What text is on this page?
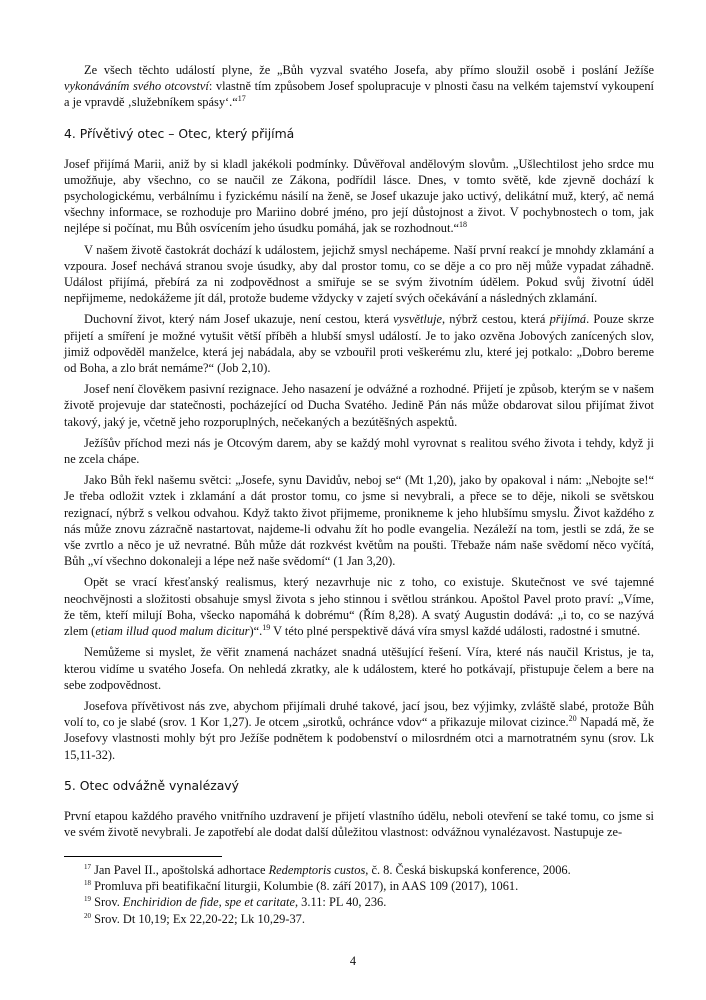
Ze všech těchto událostí plyne, že „Bůh vyzval svatého Josefa, aby přímo sloužil osobě i poslání Ježíše vykonáváním svého otcovství: vlastně tím způsobem Josef spolupracuje v plnosti času na velkém tajemství vykoupení a je vpravdě ‚služebníkem spásy‘.“$^{17}$

4. Přívětivý otec – Otec, který přijímá

Josef přijímá Marii, aniž by si kladl jakékoli podmínky. Důvěřoval andělovým slovům. „Ušlechtilost jeho srdce mu umožňuje, aby všechno, co se naučil ze Zákona, podřídil lásce. Dnes, v tomto světě, kde zjevně dochází k psychologickému, verbálnímu i fyzickému násilí na ženě, se Josef ukazuje jako uctivý, delikátní muž, který, ač nemá všechny informace, se rozhoduje pro Mariino dobré jméno, pro její důstojnost a život. V pochybnostech o tom, jak nejlépe si počínat, mu Bůh osvícením jeho úsudku pomáhá, jak se rozhodnout.“$^{18}$

V našem životě častokrát dochází k událostem, jejichž smysl nechápeme. Naší první reakcí je mnohdy zklamání a vzpoura. Josef nechává stranou svoje úsudky, aby dal prostor tomu, co se děje a co pro něj může vypadat záhadně. Událost přijímá, přebírá za ni zodpovědnost a smiřuje se se svým životním údělem. Pokud svůj životní úděl nepřijmeme, nedokážeme jít dál, protože budeme vždycky v zajetí svých očekávání a následných zklamání.

Duchovní život, který nám Josef ukazuje, není cestou, která vysvětluje, nýbrž cestou, která přijímá. Pouze skrze přijetí a smíření je možné vytušit větší příběh a hlubší smysl událostí. Je to jako ozvěna Jobových zanícených slov, jimiž odpověděl manželce, která jej nabádala, aby se vzbouřil proti veškerému zlu, které jej potkalo: „Dobro bereme od Boha, a zlo brát nemáme?“ (Job 2,10).

Josef není člověkem pasivní rezignace. Jeho nasazení je odvážné a rozhodné. Přijetí je způsob, kterým se v našem životě projevuje dar statečnosti, pocházející od Ducha Svatého. Jedině Pán nás může obdarovat silou přijímat život takový, jaký je, včetně jeho rozporuplných, nečekaných a bezútěšných aspektů.

Ježíšův příchod mezi nás je Otcovým darem, aby se každý mohl vyrovnat s realitou svého života i tehdy, když ji ne zcela chápe.

Jako Bůh řekl našemu světci: „Josefe, synu Davidův, neboj se“ (Mt 1,20), jako by opakoval i nám: „Nebojte se!“ Je třeba odložit vztek i zklamání a dát prostor tomu, co jsme si nevybrali, a přece se to děje, nikoli se světskou rezignací, nýbrž s velkou odvahou. Když takto život přijmeme, pronikneme k jeho hlubšímu smyslu. Život každého z nás může znovu zázračně nastartovat, najdeme-li odvahu žít ho podle evangelia. Nezáleží na tom, jestli se zdá, že se vše zvrtlo a něco je už nevratné. Bůh může dát rozkvést květům na poušti. Třebaže nám naše svědomí něco vyčítá, Bůh „ví všechno dokonaleji a lépe než naše svědomí“ (1 Jan 3,20).

Opět se vrací křesťanský realismus, který nezavrhuje nic z toho, co existuje. Skutečnost ve své tajemné neochvějnosti a složitosti obsahuje smysl života s jeho stinnou i světlou stránkou. Apoštol Pavel proto praví: „Víme, že těm, kteří milují Boha, všecko napomáhá k dobrému“ (Řím 8,28). A svatý Augustin dodává: „i to, co se nazývá zlem (etiam illud quod malum dicitur)“.$^{19}$ V této plné perspektivě dává víra smysl každé události, radostné i smutné.

Nemůžeme si myslet, že věřit znamená nacházet snadná utěšující řešení. Víra, které nás naučil Kristus, je ta, kterou vidíme u svatého Josefa. On nehledá zkratky, ale k událostem, které ho potkávají, přistupuje čelem a bere na sebe zodpovědnost.

Josefova přívětivost nás zve, abychom přijímali druhé takové, jací jsou, bez výjimky, zvláště slabé, protože Bůh volí to, co je slabé (srov. 1 Kor 1,27). Je otcem „sirotků, ochránce vdov“ a přikazuje milovat cizince.$^{20}$ Napadá mě, že Josefovy vlastnosti mohly být pro Ježíše podnětem k podobenství o milosrdném otci a marnotratném synu (srov. Lk 15,11-32).

5. Otec odvážně vynalézavý

První etapou každého pravého vnitřního uzdravení je přijetí vlastního údělu, neboli otevření se také tomu, co jsme si ve svém životě nevybrali. Je zapotřebí ale dodat další důležitou vlastnost: odvážnou vynalézavost. Nastupuje ze-

$^{17}$ Jan Pavel II., apoštolská adhortace Redemptoris custos, č. 8. Česká biskupská konference, 2006.

$^{18}$ Promluva při beatifikační liturgii, Kolumbie (8. září 2017), in AAS 109 (2017), 1061.

$^{19}$ Srov. Enchiridion de fide, spe et caritate, 3.11: PL 40, 236.

$^{20}$ Srov. Dt 10,19; Ex 22,20-22; Lk 10,29-37.

4
